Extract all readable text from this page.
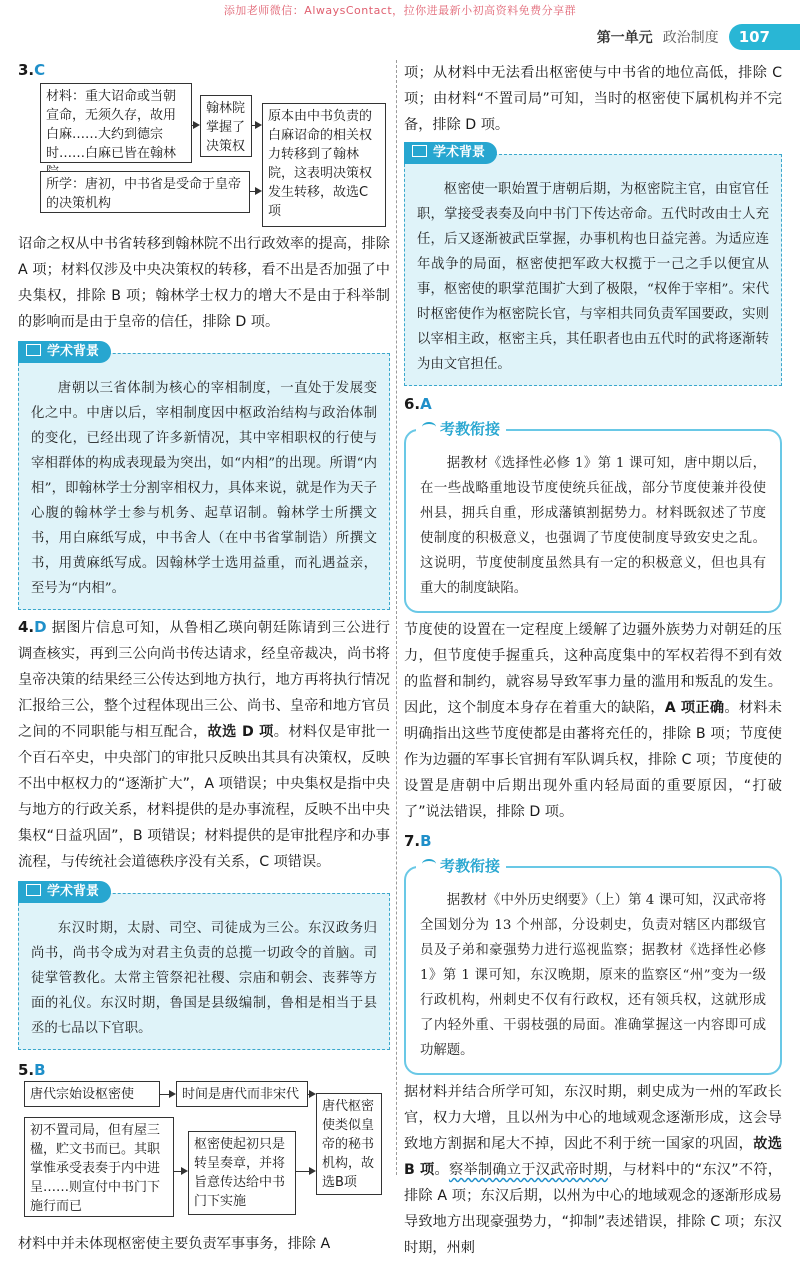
添加老师微信：AlwaysContact，拉你进最新小初高资料免费分享群
第一单元 政治制度	107
3.C
材料：重大诏命或当朝宣命，无须久存，故用白麻……大约到德宗时……白麻已皆在翰林
所学：唐初，中书省是受命于皇帝的决策机构
翰林院掌握了决策权
原本由中书负责的白麻诏命的相关权力转移到了翰林院，这表明决策权发生转移，故选C项

诏命之权从中书省转移到翰林院不出行政效率的提高，排除 A 项；材料仅涉及中央决策权的转移，看不出是否加强了中央集权，排除 B 项；翰林学士权力的增大不是由于科举制的影响而是由于皇帝的信任，排除 D 项。

学术背景

唐朝以三省体制为核心的宰相制度，一直处于发展变化之中。中唐以后，宰相制度因中枢政治结构与政治体制的变化，已经出现了许多新情况，其中宰相职权的行使与宰相群体的构成表现最为突出，如“内相”的出现。所谓“内相”，即翰林学士分割宰相权力，具体来说，就是作为天子心腹的翰林学士参与机务、起草诏制。翰林学士所撰文书，用白麻纸写成，中书舍人（在中书省掌制诰）所撰文书，用黄麻纸写成。因翰林学士选用益重，而礼遇益亲，至号为“内相”。

4.D 据图片信息可知，从鲁相乙瑛向朝廷陈请到三公进行调查核实，再到三公向尚书传达请求，经皇帝裁决，尚书将皇帝决策的结果经三公传达到地方执行，地方再将执行情况汇报给三公，整个过程体现出三公、尚书、皇帝和地方官员之间的不同职能与相互配合，故选 D 项。材料仅是审批一个百石卒史，中央部门的审批只反映出其具有决策权，反映不出中枢权力的“逐渐扩大”，A 项错误；中央集权是指中央与地方的行政关系，材料提供的是办事流程，反映不出中央集权“日益巩固”，B 项错误；材料提供的是审批程序和办事流程，与传统社会道德秩序没有关系，C 项错误。

学术背景

东汉时期，太尉、司空、司徒成为三公。东汉政务归尚书，尚书令成为对君主负责的总揽一切政令的首脑。司徒掌管教化。太常主管祭祀社稷、宗庙和朝会、丧葬等方面的礼仪。东汉时期，鲁国是县级编制，鲁相是相当于县丞的七品以下官职。

5.B
唐代宗始设枢密使	时间是唐代而非宋代
初不置司局，但有屋三楹，贮文书而已。其职掌惟承受表奏于内中进呈……则宣付中书门下施行而已
枢密使起初只是转呈奏章，并将旨意传达给中书门下实施
唐代枢密使类似皇帝的秘书机构，故选B项

材料中并未体现枢密使主要负责军事事务，排除 A

项；从材料中无法看出枢密使与中书省的地位高低，排除 C 项；由材料“不置司局”可知，当时的枢密使下属机构并不完备，排除 D 项。

学术背景

枢密使一职始置于唐朝后期，为枢密院主官，由宦官任职，掌接受表奏及向中书门下传达帝命。五代时改由士人充任，后又逐渐被武臣掌握，办事机构也日益完善。为适应连年战争的局面，枢密使把军政大权揽于一己之手以便宜从事，枢密使的职掌范围扩大到了极限，“权侔于宰相”。宋代时枢密使作为枢密院长官，与宰相共同负责军国要政，实则以宰相主政，枢密主兵，其任职者也由五代时的武将逐渐转为由文官担任。

6.A
考教衔接

据教材《选择性必修 1》第 1 课可知，唐中期以后，在一些战略重地设节度使统兵征战，部分节度使兼并役使州县，拥兵自重，形成藩镇割据势力。材料既叙述了节度使制度的积极意义，也强调了节度使制度导致安史之乱。这说明，节度使制度虽然具有一定的积极意义，但也具有重大的制度缺陷。

节度使的设置在一定程度上缓解了边疆外族势力对朝廷的压力，但节度使手握重兵，这种高度集中的军权若得不到有效的监督和制约，就容易导致军事力量的滥用和叛乱的发生。因此，这个制度本身存在着重大的缺陷，A 项正确。材料未明确指出这些节度使都是由蕃将充任的，排除 B 项；节度使作为边疆的军事长官拥有军队调兵权，排除 C 项；节度使的设置是唐朝中后期出现外重内轻局面的重要原因，“打破了”说法错误，排除 D 项。

7.B
考教衔接

据教材《中外历史纲要》（上）第 4 课可知，汉武帝将全国划分为 13 个州部，分设刺史，负责对辖区内郡级官员及子弟和豪强势力进行巡视监察；据教材《选择性必修 1》第 1 课可知，东汉晚期，原来的监察区“州”变为一级行政机构，州刺史不仅有行政权，还有领兵权，这就形成了内轻外重、干弱枝强的局面。准确掌握这一内容即可成功解题。

据材料并结合所学可知，东汉时期，刺史成为一州的军政长官，权力大增，且以州为中心的地域观念逐渐形成，这会导致地方割据和尾大不掉，因此不利于统一国家的巩固，故选 B 项。察举制确立于汉武帝时期，与材料中的“东汉”不符，排除 A 项；东汉后期，以州为中心的地域观念的逐渐形成易导致地方出现豪强势力，“抑制”表述错误，排除 C 项；东汉时期，州刺
